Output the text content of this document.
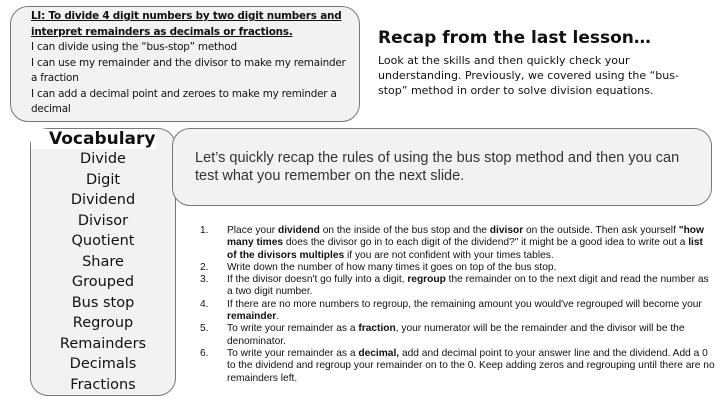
LI: To divide 4 digit numbers by two digit numbers and
interpret remainders as decimals or fractions.
I can divide using the “bus-stop” method
I can use my remainder and the divisor to make my remainder a fraction
I can add a decimal point and zeroes to make my reminder a decimal
Vocabulary
Divide
Digit
Dividend
Divisor
Quotient
Share
Grouped
Bus stop
Regroup
Remainders
Decimals
Fractions
Recap from the last lesson…
Look at the skills and then quickly check your understanding. Previously, we covered using the “bus-stop” method in order to solve division equations.
Let’s quickly recap the rules of using the bus stop method and then you can test what you remember on the next slide.
1.	Place your dividend on the inside of the bus stop and the divisor on the outside. Then ask yourself "how many times does the divisor go in to each digit of the dividend?" it might be a good idea to write out a list of the divisors multiples if you are not confident with your times tables.
2.	Write down the number of how many times it goes on top of the bus stop.
3.	If the divisor doesn't go fully into a digit, regroup the remainder on to the next digit and read the number as a two digit number.
4.	If there are no more numbers to regroup, the remaining amount you would've regrouped will become your remainder.
5.	To write your remainder as a fraction, your numerator will be the remainder and the divisor will be the denominator.
6.	To write your remainder as a decimal, add and decimal point to your answer line and the dividend. Add a 0 to the dividend and regroup your remainder on to the 0. Keep adding zeros and regrouping until there are no remainders left.
